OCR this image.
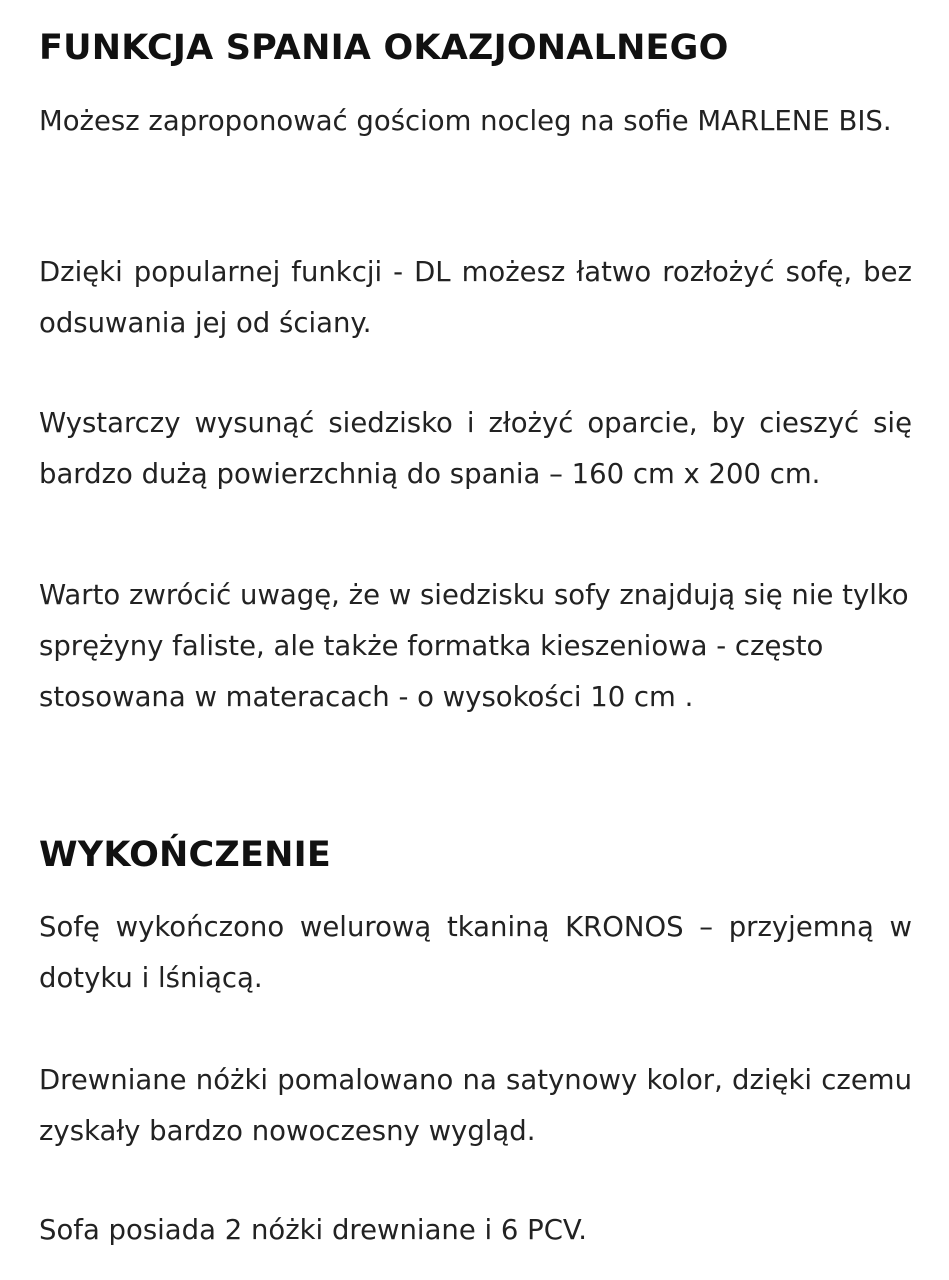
FUNKCJA SPANIA OKAZJONALNEGO

Możesz zaproponować gościom nocleg na sofie MARLENE BIS.

Dzięki popularnej funkcji - DL możesz łatwo rozłożyć sofę, bez odsuwania jej od ściany.

Wystarczy wysunąć siedzisko i złożyć oparcie, by cieszyć się bardzo dużą powierzchnią do spania – 160 cm x 200 cm.

Warto zwrócić uwagę, że w siedzisku sofy znajdują się nie tylko sprężyny faliste, ale także formatka kieszeniowa - często stosowana w materacach - o wysokości 10 cm .

WYKOŃCZENIE

Sofę wykończono welurową tkaniną KRONOS – przyjemną w dotyku i lśniącą.

Drewniane nóżki pomalowano na satynowy kolor, dzięki czemu zyskały bardzo nowoczesny wygląd.

Sofa posiada 2 nóżki drewniane i 6 PCV.
